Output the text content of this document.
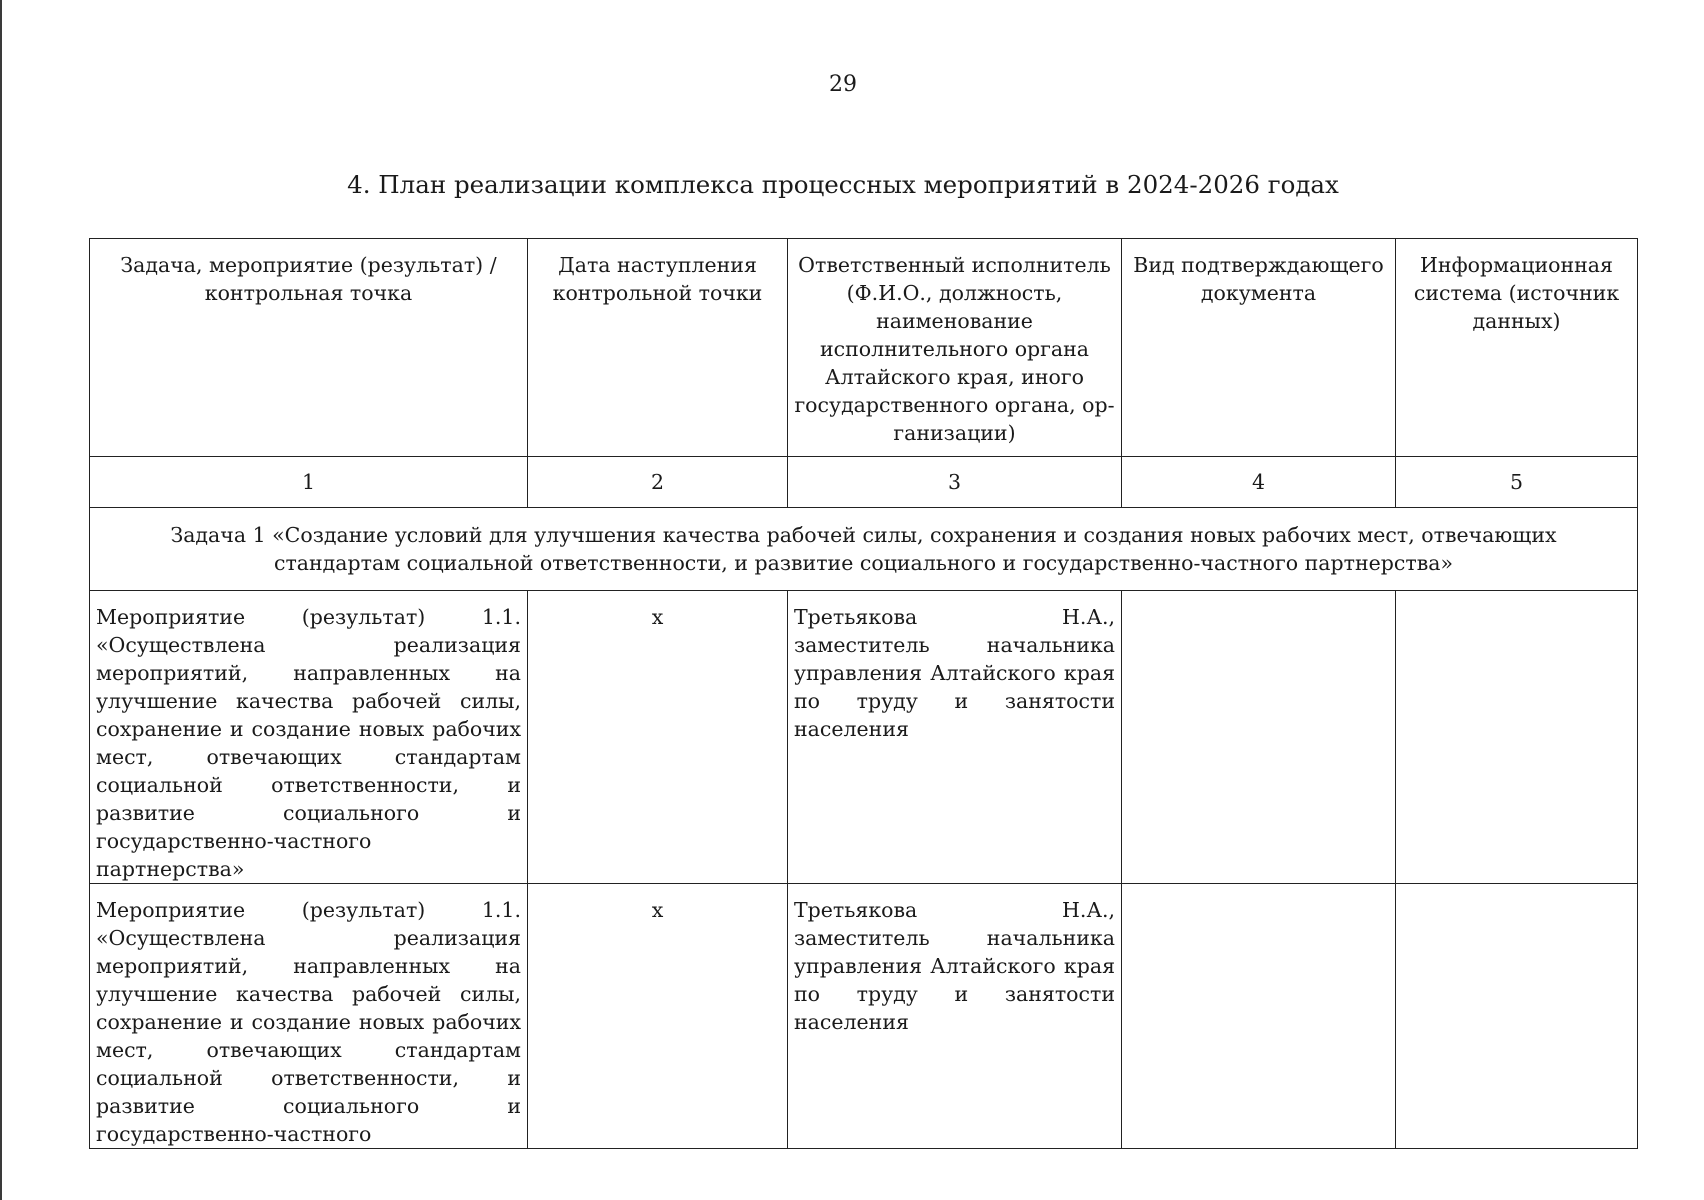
29
4. План реализации комплекса процессных мероприятий в 2024-2026 годах
Задача, мероприятие (результат) / контрольная точка	Дата наступления контрольной точки	Ответственный исполнитель (Ф.И.О., должность, наименование исполнительного органа Алтайского края, иного государственного органа, организации)	Вид подтверждающего документа	Информационная система (источник данных)
1	2	3	4	5
Задача 1 «Создание условий для улучшения качества рабочей силы, сохранения и создания новых рабочих мест, отвечающих стандартам социальной ответственности, и развитие социального и государственно-частного партнерства»				
Мероприятие (результат) 1.1. «Осуществлена реализация мероприятий, направленных на улучшение качества рабочей силы, сохранение и создание новых рабочих мест, отвечающих стандартам социальной ответственности, и развитие социального и государственно-частного партнерства»	x	Третьякова Н.А., заместитель начальника управления Алтайского края по труду и занятости населения		
Мероприятие (результат) 1.1. «Осуществлена реализация мероприятий, направленных на улучшение качества рабочей силы, сохранение и создание новых рабочих мест, отвечающих стандартам социальной ответственности, и развитие социального и государственно-частного	x	Третьякова Н.А., заместитель начальника управления Алтайского края по труду и занятости населения		
